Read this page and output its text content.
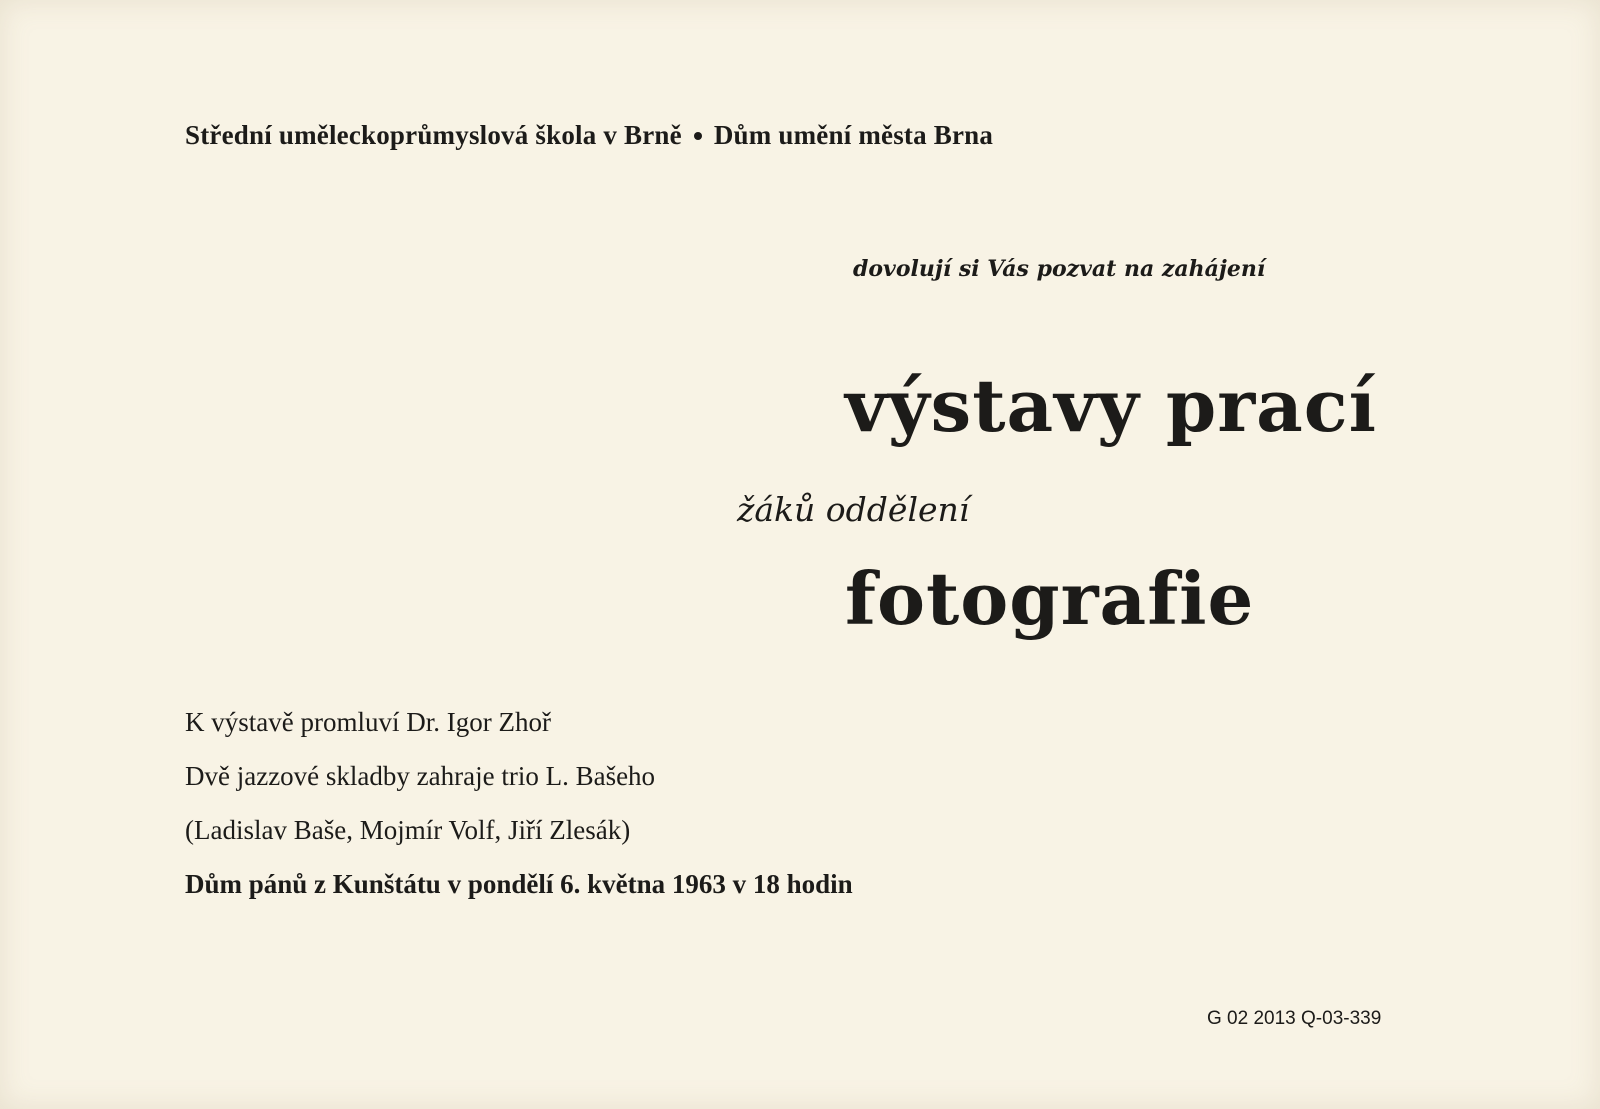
Střední uměleckoprůmyslová škola v Brně Dům umění města Brna
dovolují si Vás pozvat na zahájení
výstavy prací
žáků oddělení
fotografie
K výstavě promluví Dr. Igor Zhoř
Dvě jazzové skladby zahraje trio L. Bašeho
(Ladislav Baše, Mojmír Volf, Jiří Zlesák)
Dům pánů z Kunštátu v pondělí 6. května 1963 v 18 hodin
G 02 2013 Q-03-339
